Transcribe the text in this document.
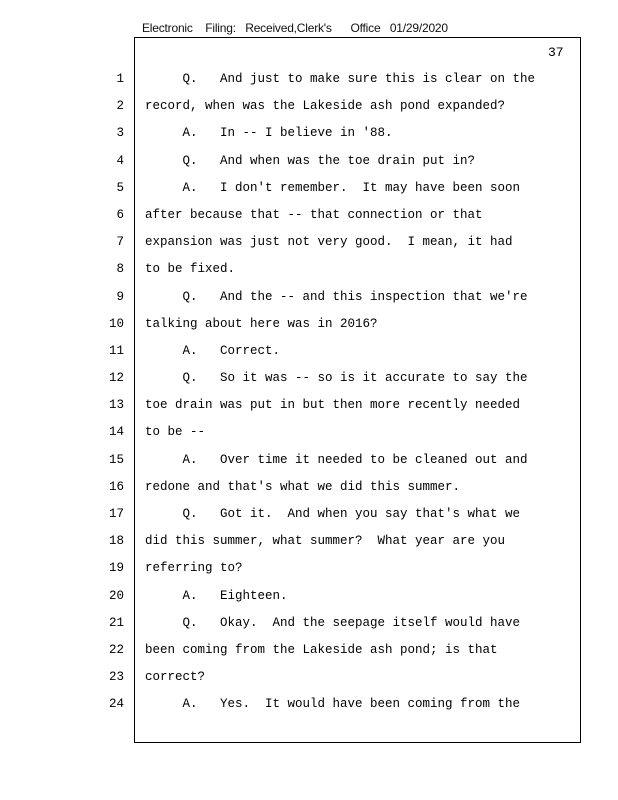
Electronic    Filing:   Received,Clerk's      Office   01/29/2020
37
1
2
3
4
5
6
7
8
9
10
11
12
13
14
15
16
17
18
19
20
21
22
23
24
Q.   And just to make sure this is clear on the
record, when was the Lakeside ash pond expanded?
A.   In -- I believe in '88.
Q.   And when was the toe drain put in?
A.   I don't remember.  It may have been soon
after because that -- that connection or that
expansion was just not very good.  I mean, it had
to be fixed.
Q.   And the -- and this inspection that we're
talking about here was in 2016?
A.   Correct.
Q.   So it was -- so is it accurate to say the
toe drain was put in but then more recently needed
to be --
A.   Over time it needed to be cleaned out and
redone and that's what we did this summer.
Q.   Got it.  And when you say that's what we
did this summer, what summer?  What year are you
referring to?
A.   Eighteen.
Q.   Okay.  And the seepage itself would have
been coming from the Lakeside ash pond; is that
correct?
A.   Yes.  It would have been coming from the
